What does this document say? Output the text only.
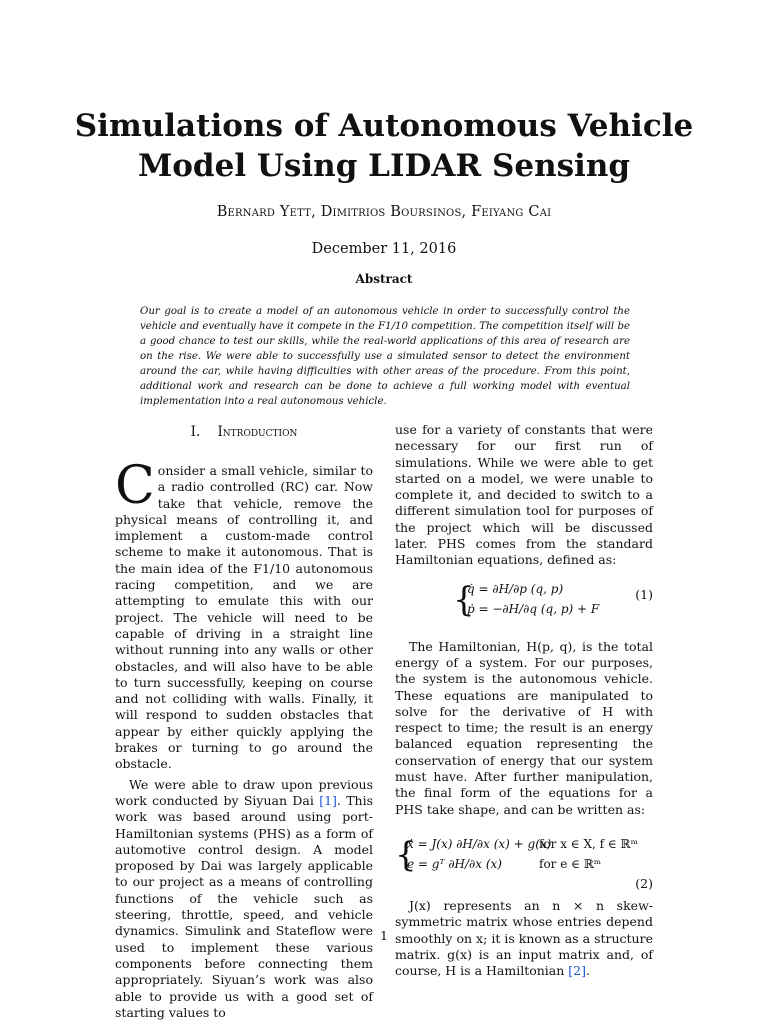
Simulations of Autonomous Vehicle
Model Using LIDAR Sensing
Bernard Yett, Dimitrios Boursinos, Feiyang Cai
December 11, 2016
Abstract
Our goal is to create a model of an autonomous vehicle in order to successfully control the vehicle and eventually have it compete in the F1/10 competition. The competition itself will be a good chance to test our skills, while the real-world applications of this area of research are on the rise. We were able to successfully use a simulated sensor to detect the environment around the car, while having difficulties with other areas of the procedure. From this point, additional work and research can be done to achieve a full working model with eventual implementation into a real autonomous vehicle.
I. Introduction

Consider a small vehicle, similar to a radio controlled (RC) car. Now take that vehicle, remove the physical means of controlling it, and implement a custom-made control scheme to make it autonomous. That is the main idea of the F1/10 autonomous racing competition, and we are attempting to emulate this with our project. The vehicle will need to be capable of driving in a straight line without running into any walls or other obstacles, and will also have to be able to turn successfully, keeping on course and not colliding with walls. Finally, it will respond to sudden obstacles that appear by either quickly applying the brakes or turning to go around the obstacle.

We were able to draw upon previous work conducted by Siyuan Dai [1]. This work was based around using port-Hamiltonian systems (PHS) as a form of automotive control design. A model proposed by Dai was largely applicable to our project as a means of controlling functions of the vehicle such as steering, throttle, speed, and vehicle dynamics. Simulink and Stateflow were used to implement these various components before connecting them appropriately. Siyuan’s work was also able to provide us with a good set of starting values to

use for a variety of constants that were necessary for our first run of simulations. While we were able to get started on a model, we were unable to complete it, and decided to switch to a different simulation tool for purposes of the project which will be discussed later. PHS comes from the standard Hamiltonian equations, defined as:

{
q̇ = ∂H/∂p (q, p)
ṗ = −∂H/∂q (q, p) + F
(1)

The Hamiltonian, H(p, q), is the total energy of a system. For our purposes, the system is the autonomous vehicle. These equations are manipulated to solve for the derivative of H with respect to time; the result is an energy balanced equation representing the conservation of energy that our system must have. After further manipulation, the final form of the equations for a PHS take shape, and can be written as:

{
ẋ = J(x) ∂H/∂x (x) + g(x)
for x ∈ X, f ∈ ℝᵐ
e = gᵀ ∂H/∂x (x)	for e ∈ ℝᵐ
(2)

J(x) represents an n × n skew-symmetric matrix whose entries depend smoothly on x; it is known as a structure matrix. g(x) is an input matrix and, of course, H is a Hamiltonian [2].

1
